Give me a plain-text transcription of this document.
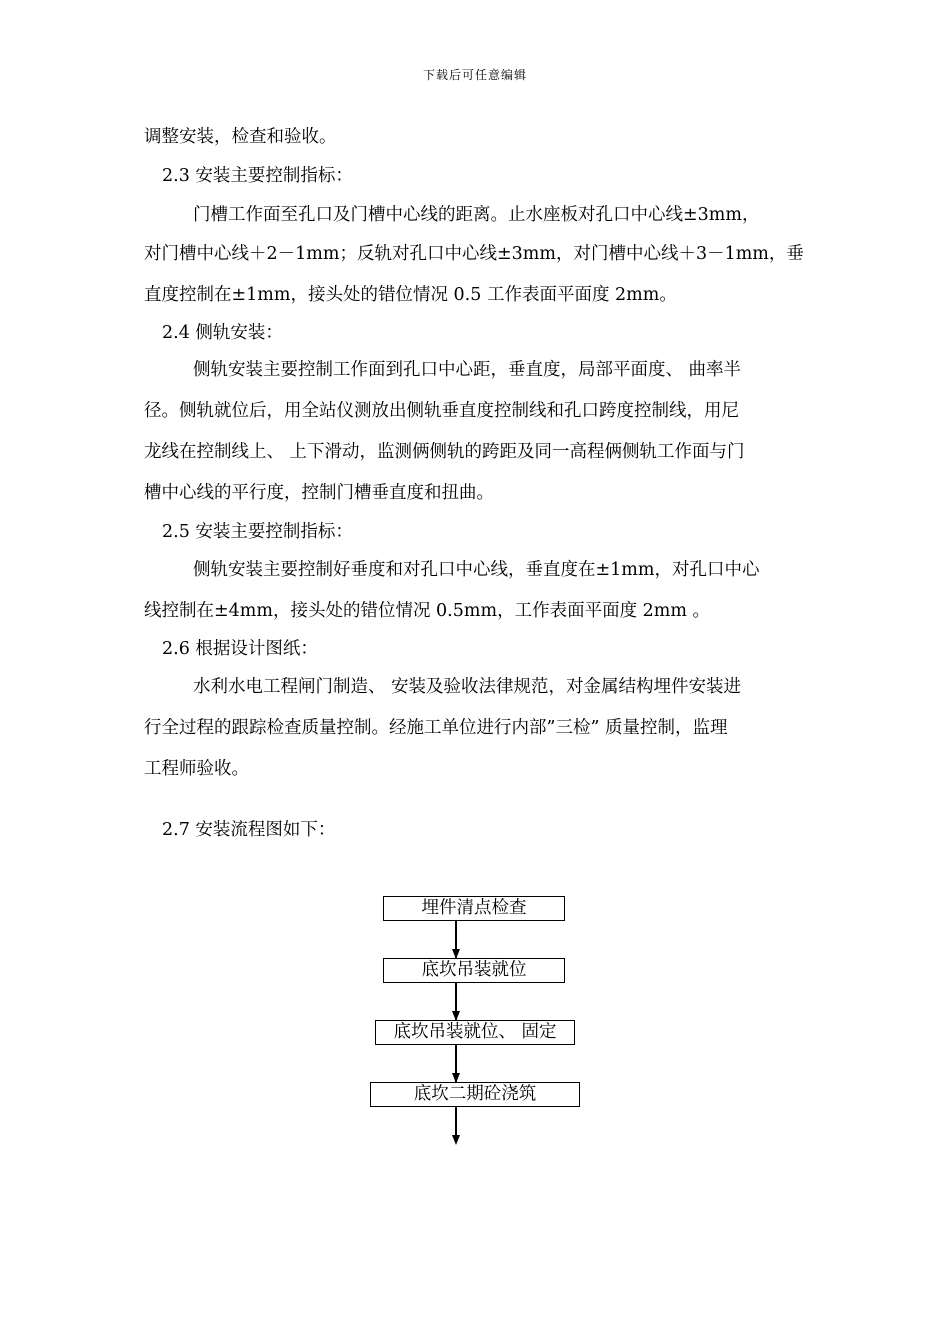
下载后可任意编辑
调整安装，检查和验收。
2.3 安装主要控制指标：
门槽工作面至孔口及门槽中心线的距离。止水座板对孔口中心线±3mm，
对门槽中心线＋2－1mm；反轨对孔口中心线±3mm，对门槽中心线＋3－1mm，垂
直度控制在±1mm，接头处的错位情况 0.5 工作表面平面度 2mm。
2.4 侧轨安装：
侧轨安装主要控制工作面到孔口中心距，垂直度，局部平面度、 曲率半
径。侧轨就位后，用全站仪测放出侧轨垂直度控制线和孔口跨度控制线，用尼
龙线在控制线上、 上下滑动，监测俩侧轨的跨距及同一高程俩侧轨工作面与门
槽中心线的平行度，控制门槽垂直度和扭曲。
2.5 安装主要控制指标：
侧轨安装主要控制好垂度和对孔口中心线，垂直度在±1mm，对孔口中心
线控制在±4mm，接头处的错位情况 0.5mm，工作表面平面度 2mm 。
2.6 根据设计图纸：
水利水电工程闸门制造、 安装及验收法律规范，对金属结构埋件安装进
行全过程的跟踪检查质量控制。经施工单位进行内部”三检” 质量控制，监理
工程师验收。
2.7 安装流程图如下：
埋件清点检查
底坎吊装就位
底坎吊装就位、 固定
底坎二期砼浇筑
